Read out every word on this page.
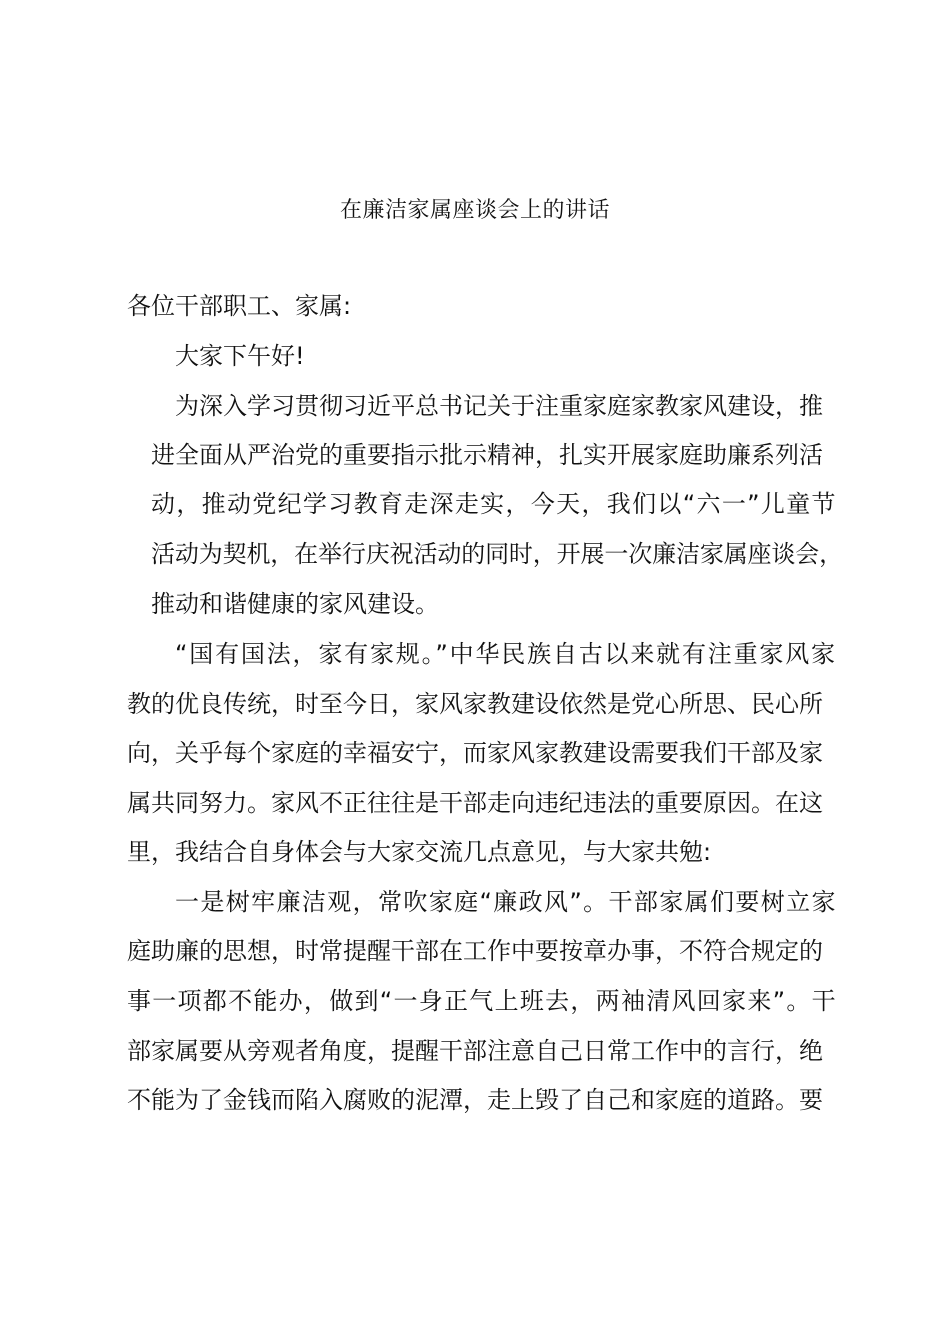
在廉洁家属座谈会上的讲话
各位干部职工、家属:
大家下午好!
为深入学习贯彻习近平总书记关于注重家庭家教家风建设，推
进全面从严治党的重要指示批示精神，扎实开展家庭助廉系列活
动，推动党纪学习教育走深走实，今天，我们以“六一”儿童节
活动为契机，在举行庆祝活动的同时，开展一次廉洁家属座谈会，
推动和谐健康的家风建设。
“国有国法，家有家规。”中华民族自古以来就有注重家风家
教的优良传统，时至今日，家风家教建设依然是党心所思、民心所
向，关乎每个家庭的幸福安宁，而家风家教建设需要我们干部及家
属共同努力。家风不正往往是干部走向违纪违法的重要原因。在这
里，我结合自身体会与大家交流几点意见，与大家共勉:
一是树牢廉洁观，常吹家庭“廉政风”。干部家属们要树立家
庭助廉的思想，时常提醒干部在工作中要按章办事，不符合规定的
事一项都不能办，做到“一身正气上班去，两袖清风回家来”。干
部家属要从旁观者角度，提醒干部注意自己日常工作中的言行，绝
不能为了金钱而陷入腐败的泥潭，走上毁了自己和家庭的道路。要
